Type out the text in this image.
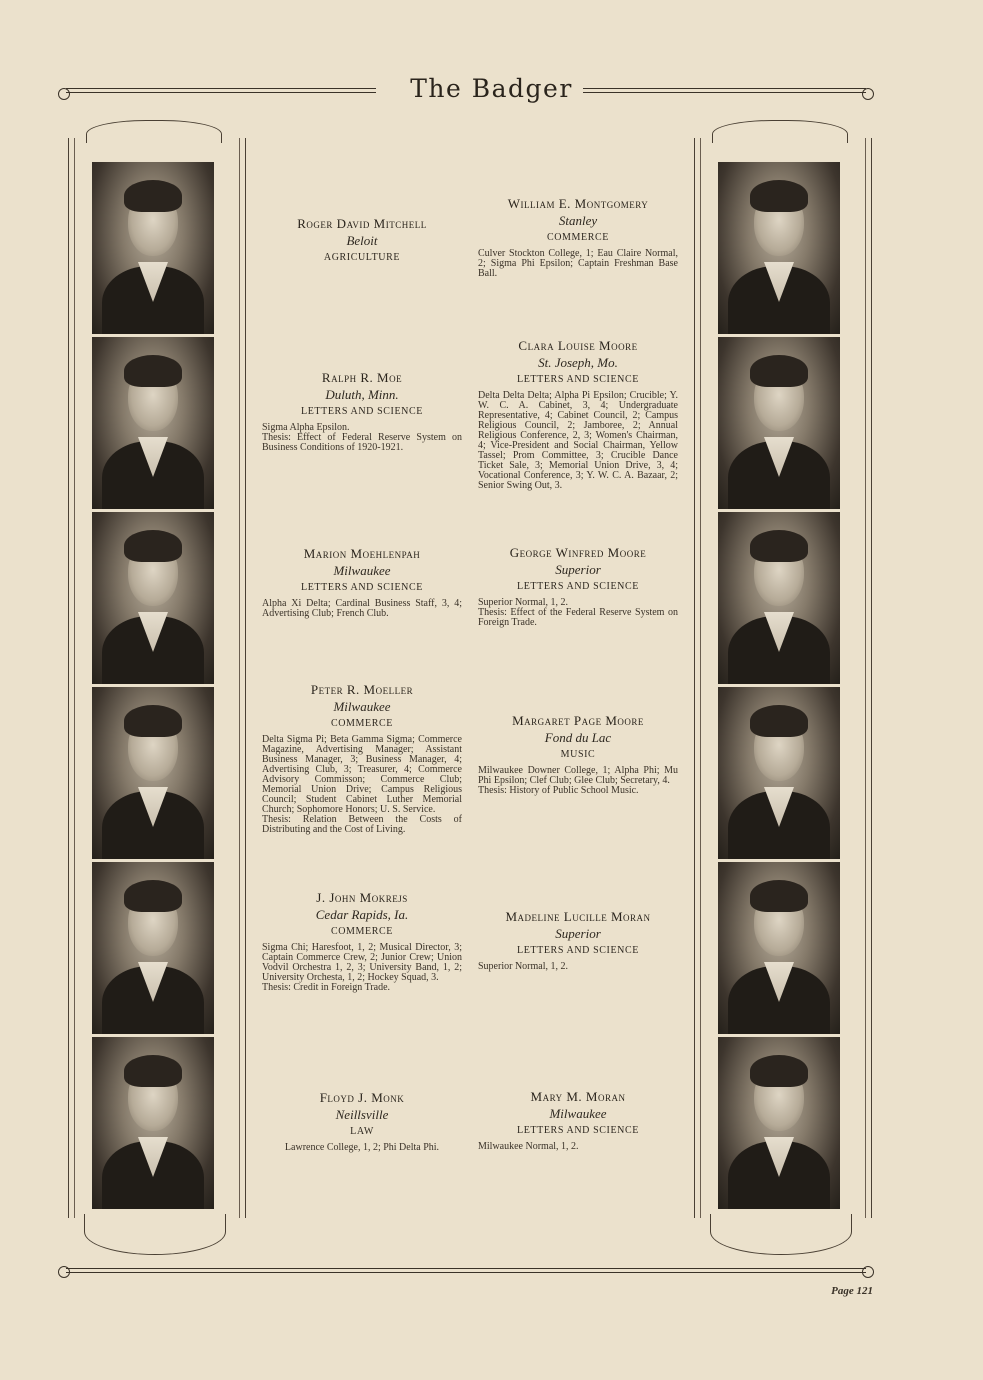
The Badger
Roger David Mitchell
Beloit
AGRICULTURE
Ralph R. Moe
Duluth, Minn.
LETTERS AND SCIENCE
Sigma Alpha Epsilon.
Thesis: Effect of Federal Reserve System on Business Conditions of 1920-1921.
Marion Moehlenpah
Milwaukee
LETTERS AND SCIENCE
Alpha Xi Delta; Cardinal Business Staff, 3, 4; Advertising Club; French Club.
Peter R. Moeller
Milwaukee
COMMERCE
Delta Sigma Pi; Beta Gamma Sigma; Commerce Magazine, Advertising Manager; Assistant Business Manager, 3; Business Manager, 4; Advertising Club, 3; Treasurer, 4; Commerce Advisory Commisson; Commerce Club; Memorial Union Drive; Campus Religious Council; Student Cabinet Luther Memorial Church; Sophomore Honors; U. S. Service.
Thesis: Relation Between the Costs of Distributing and the Cost of Living.
J. John Mokrejs
Cedar Rapids, Ia.
COMMERCE
Sigma Chi; Haresfoot, 1, 2; Musical Director, 3; Captain Commerce Crew, 2; Junior Crew; Union Vodvil Orchestra 1, 2, 3; University Band, 1, 2; University Orchesta, 1, 2; Hockey Squad, 3.
Thesis: Credit in Foreign Trade.
Floyd J. Monk
Neillsville
LAW
Lawrence College, 1, 2; Phi Delta Phi.
William E. Montgomery
Stanley
COMMERCE
Culver Stockton College, 1; Eau Claire Normal, 2; Sigma Phi Epsilon; Captain Freshman Base Ball.
Clara Louise Moore
St. Joseph, Mo.
LETTERS AND SCIENCE
Delta Delta Delta; Alpha Pi Epsilon; Crucible; Y. W. C. A. Cabinet, 3, 4; Undergraduate Representative, 4; Cabinet Council, 2; Campus Religious Council, 2; Jamboree, 2; Annual Religious Conference, 2, 3; Women's Chairman, 4; Vice-President and Social Chairman, Yellow Tassel; Prom Committee, 3; Crucible Dance Ticket Sale, 3; Memorial Union Drive, 3, 4; Vocational Conference, 3; Y. W. C. A. Bazaar, 2; Senior Swing Out, 3.
George Winfred Moore
Superior
LETTERS AND SCIENCE
Superior Normal, 1, 2.
Thesis: Effect of the Federal Reserve System on Foreign Trade.
Margaret Page Moore
Fond du Lac
MUSIC
Milwaukee Downer College, 1; Alpha Phi; Mu Phi Epsilon; Clef Club; Glee Club; Secretary, 4.
Thesis: History of Public School Music.
Madeline Lucille Moran
Superior
LETTERS AND SCIENCE
Superior Normal, 1, 2.
Mary M. Moran
Milwaukee
LETTERS AND SCIENCE
Milwaukee Normal, 1, 2.
Page 121
